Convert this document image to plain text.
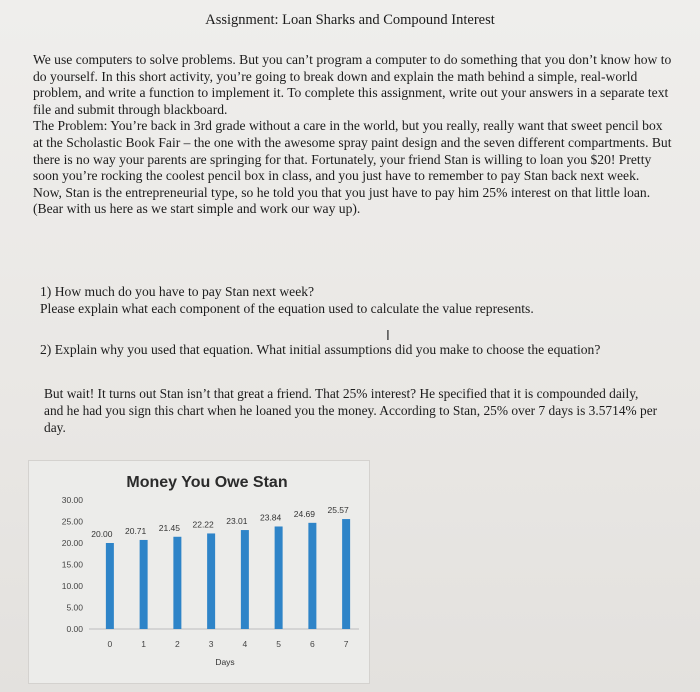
Assignment: Loan Sharks and Compound Interest

We use computers to solve problems. But you can’t program a computer to do something that you don’t know how to do yourself. In this short activity, you’re going to break down and explain the math behind a simple, real-world problem, and write a function to implement it. To complete this assignment, write out your answers in a separate text file and submit through blackboard.

The Problem: You’re back in 3rd grade without a care in the world, but you really, really want that sweet pencil box at the Scholastic Book Fair – the one with the awesome spray paint design and the seven different compartments. But there is no way your parents are springing for that. Fortunately, your friend Stan is willing to loan you $20! Pretty soon you’re rocking the coolest pencil box in class, and you just have to remember to pay Stan back next week.

Now, Stan is the entrepreneurial type, so he told you that you just have to pay him 25% interest on that little loan. (Bear with us here as we start simple and work our way up).

1) How much do you have to pay Stan next week?

Please explain what each component of the equation used to calculate the value represents.

I

2) Explain why you used that equation. What initial assumptions did you make to choose the equation?

But wait! It turns out Stan isn’t that great a friend. That 25% interest? He specified that it is compounded daily, and he had you sign this chart when he loaned you the money. According to Stan, 25% over 7 days is 3.5714% per day.
Money You Owe Stan
0.00
5.00
10.00
15.00
20.00
25.00
30.00
20.00
0
20.71
1
21.45
2
22.22
3
23.01
4
23.84
5
24.69
6
25.57
7
Days
